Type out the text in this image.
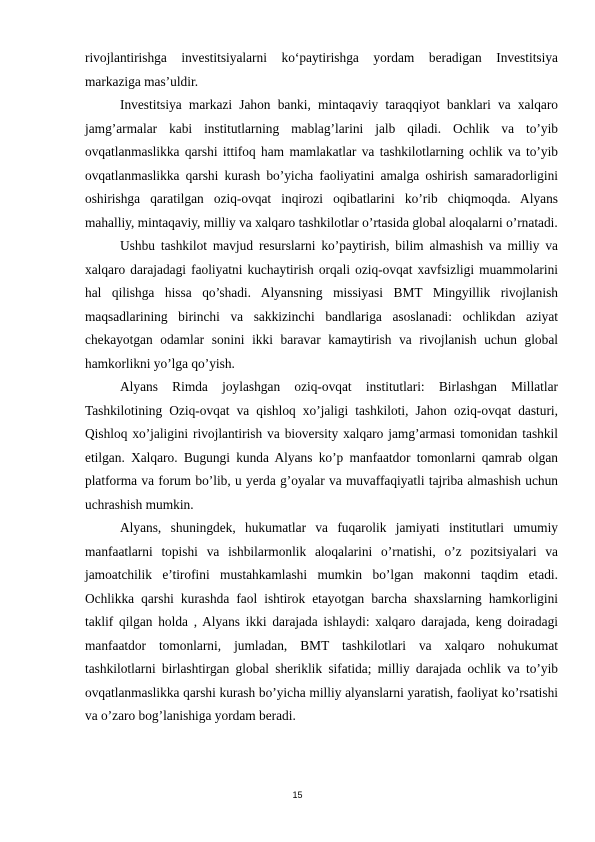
rivojlantirishga investitsiyalarni ko‘paytirishga yordam beradigan Investitsiya markaziga mas’uldir.

Investitsiya markazi Jahon banki, mintaqaviy taraqqiyot banklari va xalqaro jamg’armalar kabi institutlarning mablag’larini jalb qiladi. Ochlik va to’yib ovqatlanmaslikka qarshi ittifoq ham mamlakatlar va tashkilotlarning ochlik va to’yib ovqatlanmaslikka qarshi kurash bo’yicha faoliyatini amalga oshirish samaradorligini oshirishga qaratilgan oziq-ovqat inqirozi oqibatlarini ko’rib chiqmoqda. Alyans mahalliy, mintaqaviy, milliy va xalqaro tashkilotlar o’rtasida global aloqalarni o’rnatadi.

Ushbu tashkilot mavjud resurslarni ko’paytirish, bilim almashish va milliy va xalqaro darajadagi faoliyatni kuchaytirish orqali oziq-ovqat xavfsizligi muammolarini hal qilishga hissa qo’shadi. Alyansning missiyasi BMT Mingyillik rivojlanish maqsadlarining birinchi va sakkizinchi bandlariga asoslanadi: ochlikdan aziyat chekayotgan odamlar sonini ikki baravar kamaytirish va rivojlanish uchun global hamkorlikni yo’lga qo’yish.

Alyans Rimda joylashgan oziq-ovqat institutlari: Birlashgan Millatlar Tashkilotining Oziq-ovqat va qishloq xo’jaligi tashkiloti, Jahon oziq-ovqat dasturi, Qishloq xo’jaligini rivojlantirish va bioversity xalqaro jamg’armasi tomonidan tashkil etilgan. Xalqaro. Bugungi kunda Alyans ko’p manfaatdor tomonlarni qamrab olgan platforma va forum bo’lib, u yerda g’oyalar va muvaffaqiyatli tajriba almashish uchun uchrashish mumkin.

Alyans, shuningdek, hukumatlar va fuqarolik jamiyati institutlari umumiy manfaatlarni topishi va ishbilarmonlik aloqalarini o’rnatishi, o’z pozitsiyalari va jamoatchilik e’tirofini mustahkamlashi mumkin bo’lgan makonni taqdim etadi. Ochlikka qarshi kurashda faol ishtirok etayotgan barcha shaxslarning hamkorligini taklif qilgan holda , Alyans ikki darajada ishlaydi: xalqaro darajada, keng doiradagi manfaatdor tomonlarni, jumladan, BMT tashkilotlari va xalqaro nohukumat tashkilotlarni birlashtirgan global sheriklik sifatida; milliy darajada ochlik va to’yib ovqatlanmaslikka qarshi kurash bo’yicha milliy alyanslarni yaratish, faoliyat ko’rsatishi va o’zaro bog’lanishiga yordam beradi.

15
